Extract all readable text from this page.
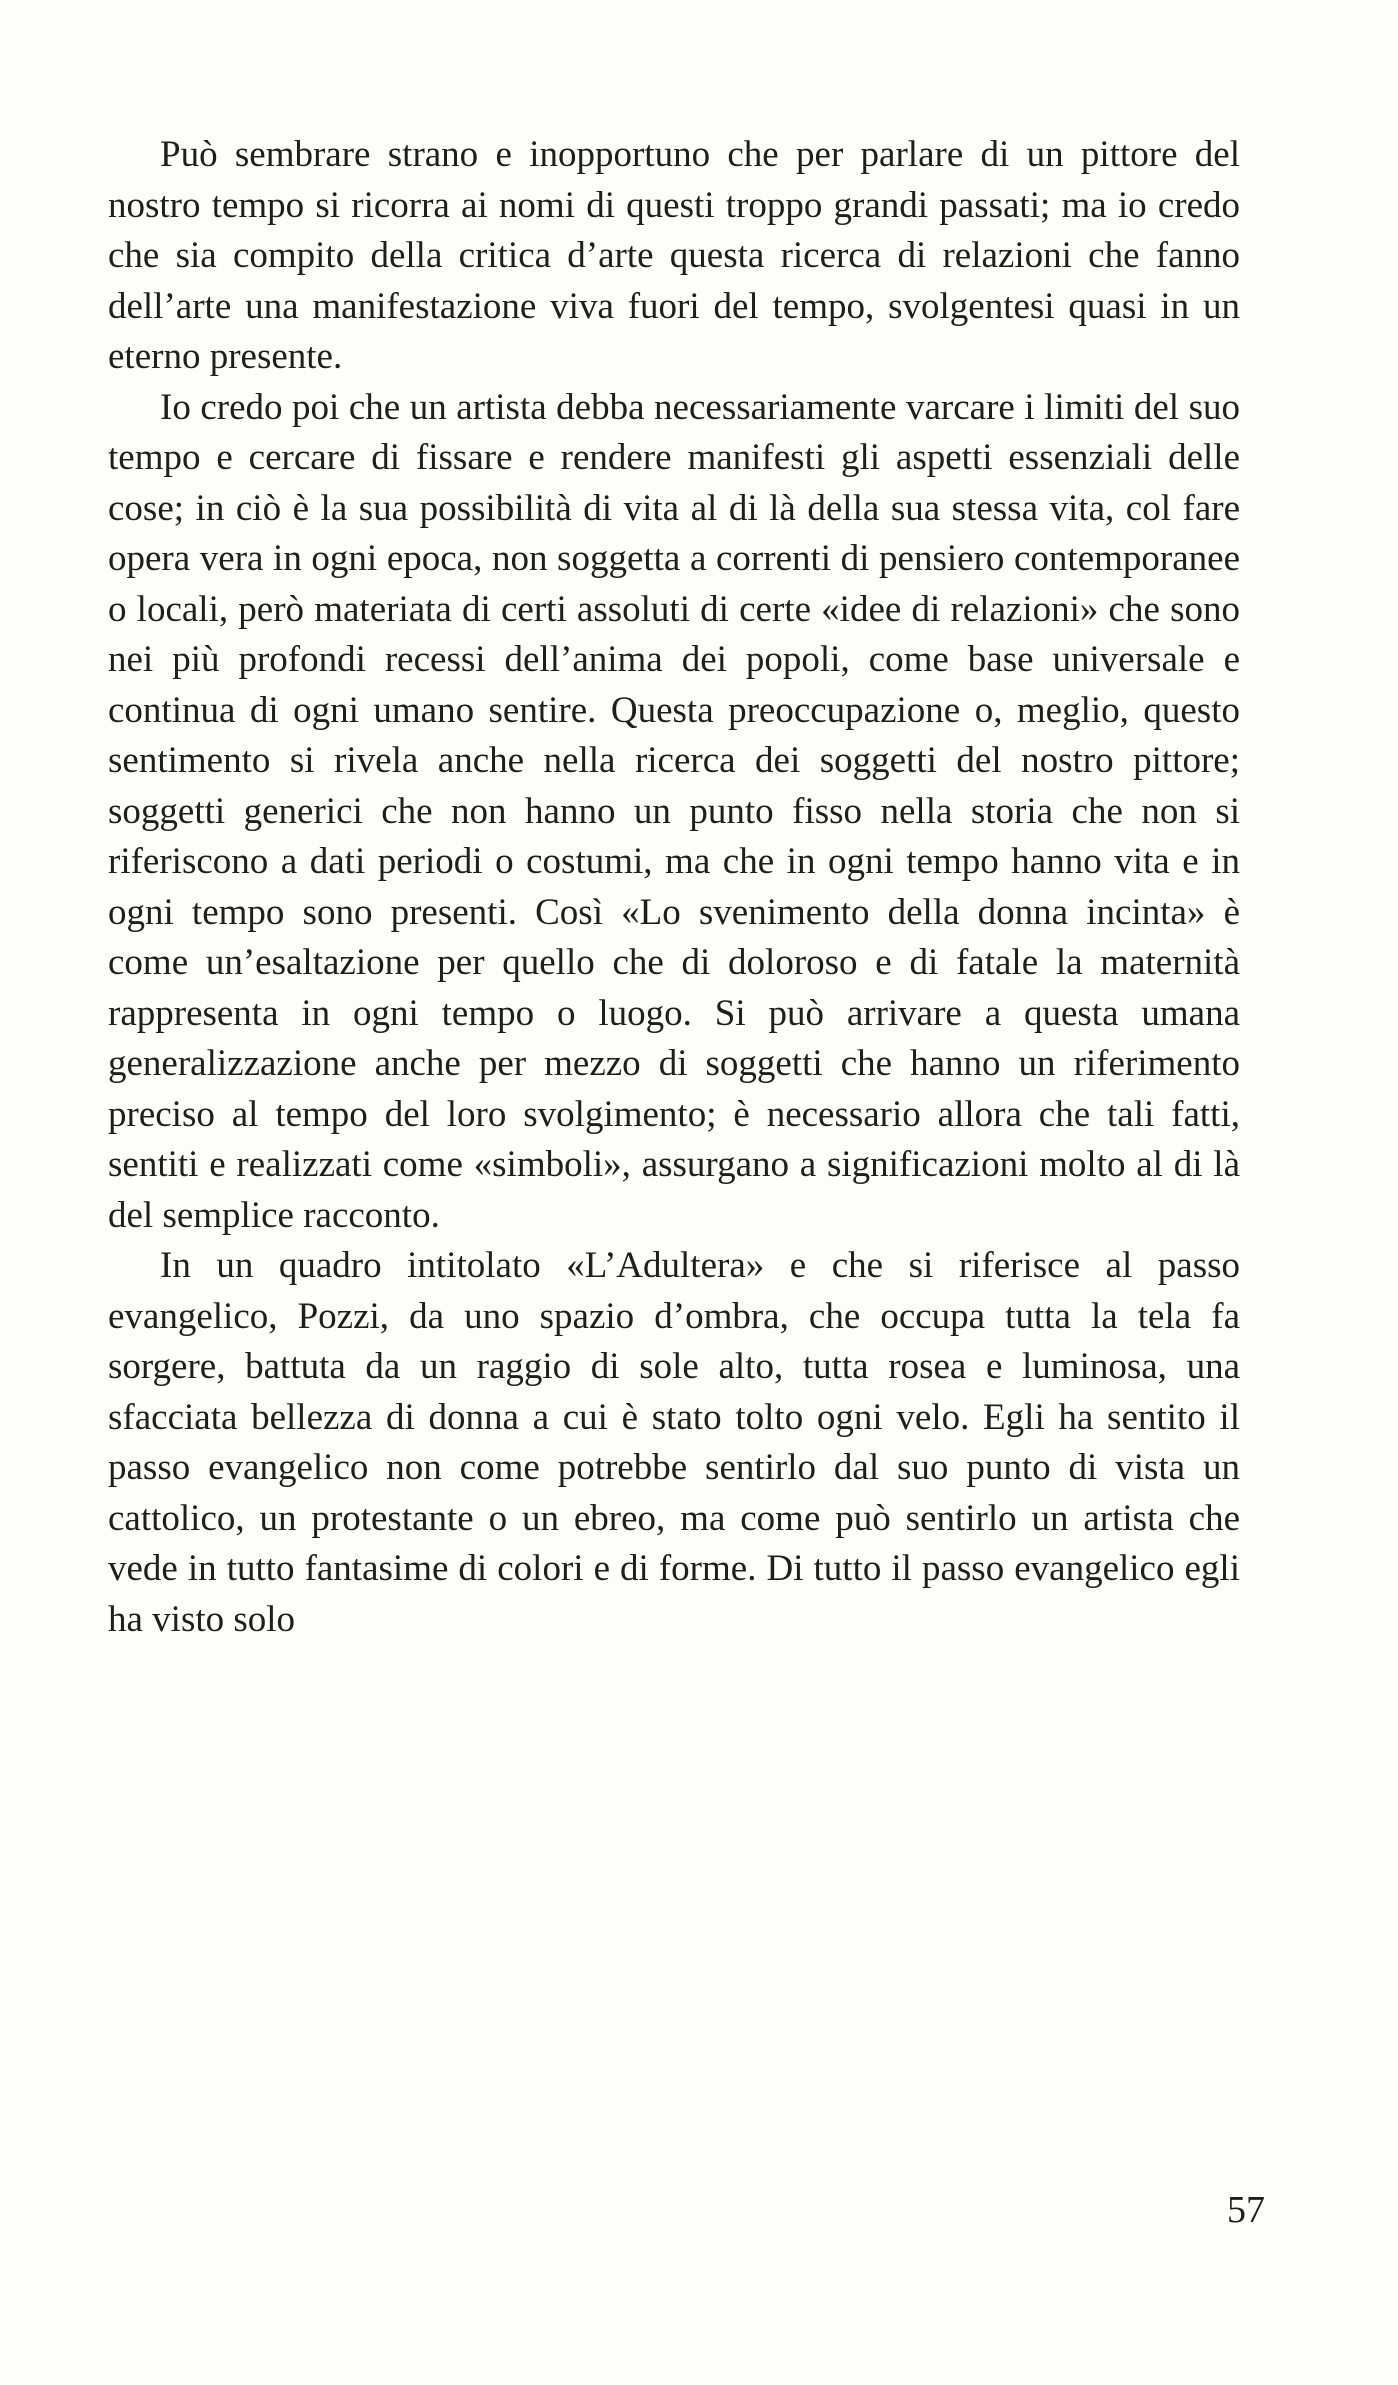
Può sembrare strano e inopportuno che per parlare di un pittore del nostro tempo si ricorra ai nomi di questi troppo grandi passati; ma io credo che sia compito della critica d’arte questa ricerca di relazioni che fanno dell’arte una manifestazione viva fuori del tempo, svolgentesi quasi in un eterno presente.

Io credo poi che un artista debba necessariamente varcare i limiti del suo tempo e cercare di fissare e rendere manifesti gli aspetti essenziali delle cose; in ciò è la sua possibilità di vita al di là della sua stessa vita, col fare opera vera in ogni epoca, non soggetta a correnti di pensiero contemporanee o locali, però materiata di certi assoluti di certe «idee di relazioni» che sono nei più profondi recessi dell’anima dei popoli, come base universale e continua di ogni umano sentire. Questa preoccupazione o, meglio, questo sentimento si rivela anche nella ricerca dei soggetti del nostro pittore; soggetti generici che non hanno un punto fisso nella storia che non si riferiscono a dati periodi o costumi, ma che in ogni tempo hanno vita e in ogni tempo sono presenti. Così «Lo svenimento della donna incinta» è come un’esaltazione per quello che di doloroso e di fatale la maternità rappresenta in ogni tempo o luogo. Si può arrivare a questa umana generalizzazione anche per mezzo di soggetti che hanno un riferimento preciso al tempo del loro svolgimento; è necessario allora che tali fatti, sentiti e realizzati come «simboli», assurgano a significazioni molto al di là del semplice racconto.

In un quadro intitolato «L’Adultera» e che si riferisce al passo evangelico, Pozzi, da uno spazio d’ombra, che occupa tutta la tela fa sorgere, battuta da un raggio di sole alto, tutta rosea e luminosa, una sfacciata bellezza di donna a cui è stato tolto ogni velo. Egli ha sentito il passo evangelico non come potrebbe sentirlo dal suo punto di vista un cattolico, un protestante o un ebreo, ma come può sentirlo un artista che vede in tutto fantasime di colori e di forme. Di tutto il passo evangelico egli ha visto solo

57
